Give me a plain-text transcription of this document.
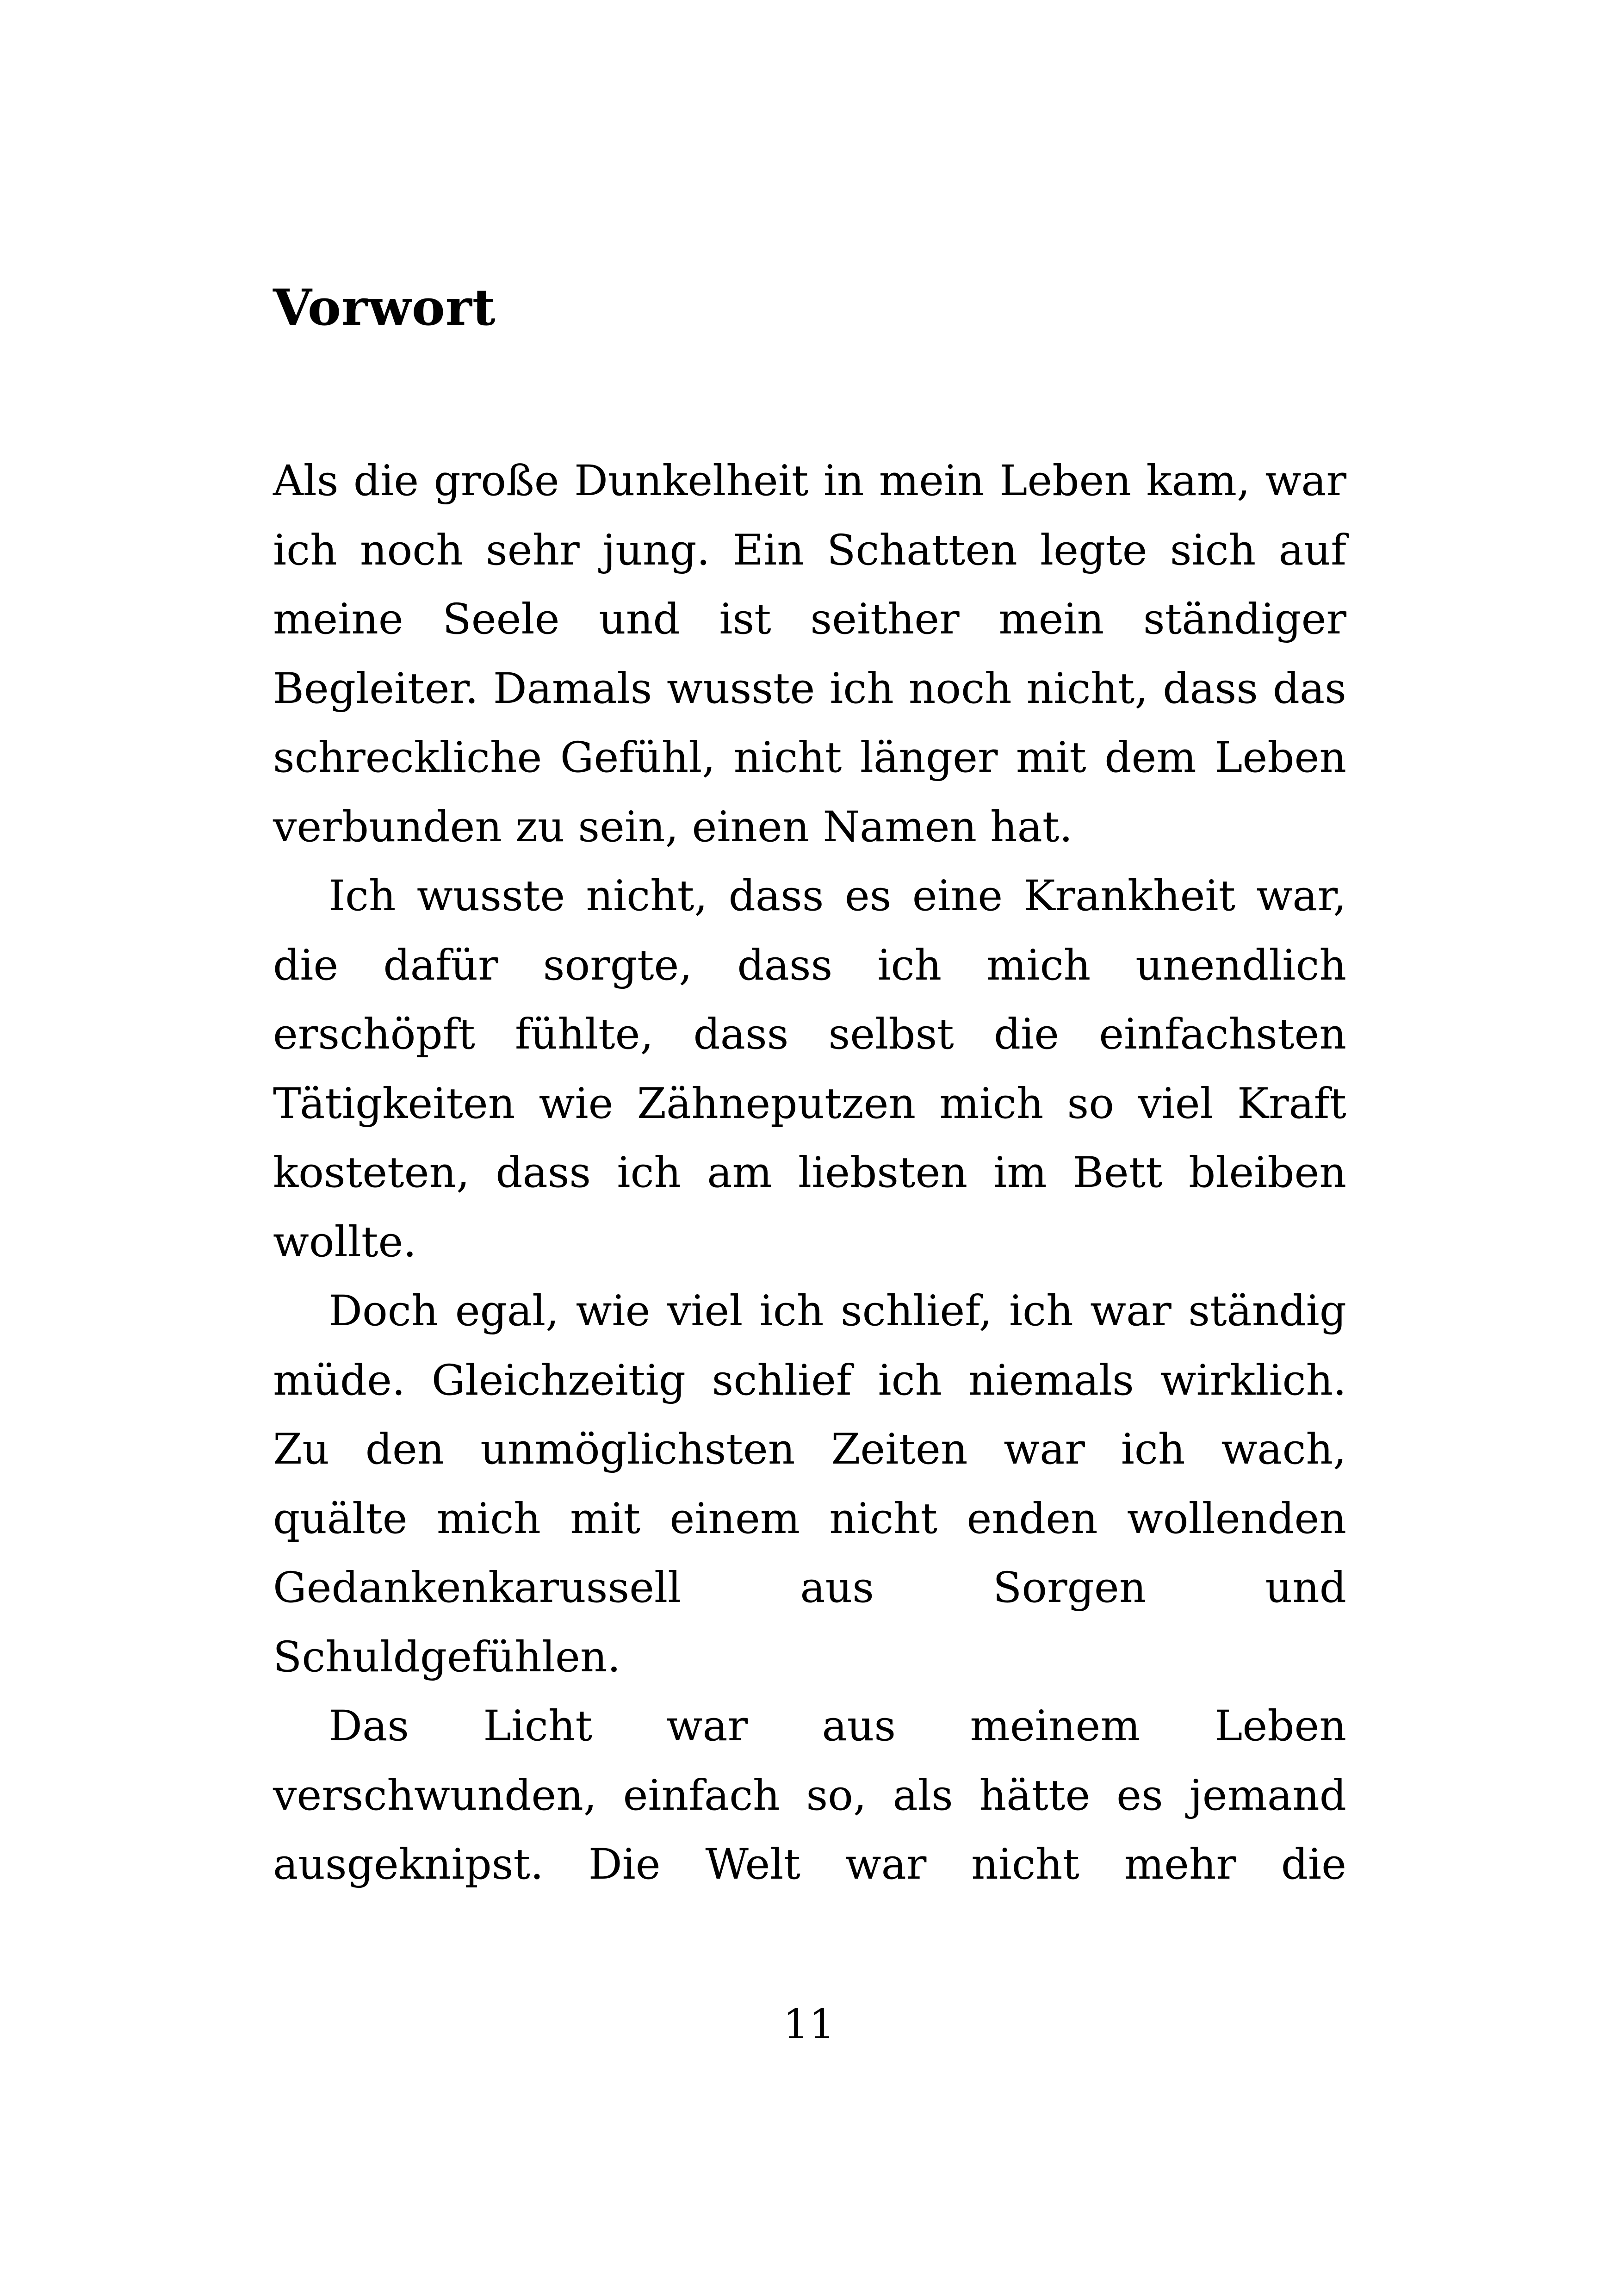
Vorwort

Als die große Dunkelheit in mein Leben kam, war ich noch sehr jung. Ein Schatten legte sich auf meine Seele und ist seither mein ständiger Begleiter. Damals wusste ich noch nicht, dass das schreckliche Gefühl, nicht länger mit dem Leben verbunden zu sein, einen Namen hat.

Ich wusste nicht, dass es eine Krankheit war, die dafür sorgte, dass ich mich unendlich erschöpft fühlte, dass selbst die einfachsten Tätigkeiten wie Zähneputzen mich so viel Kraft kosteten, dass ich am liebsten im Bett bleiben wollte.

Doch egal, wie viel ich schlief, ich war ständig müde. Gleichzeitig schlief ich niemals wirklich. Zu den unmöglichsten Zeiten war ich wach, quälte mich mit einem nicht enden wollenden Gedankenkarussell aus Sorgen und Schuldgefühlen.

Das Licht war aus meinem Leben verschwunden, einfach so, als hätte es jemand ausgeknipst. Die Welt war nicht mehr die

11
